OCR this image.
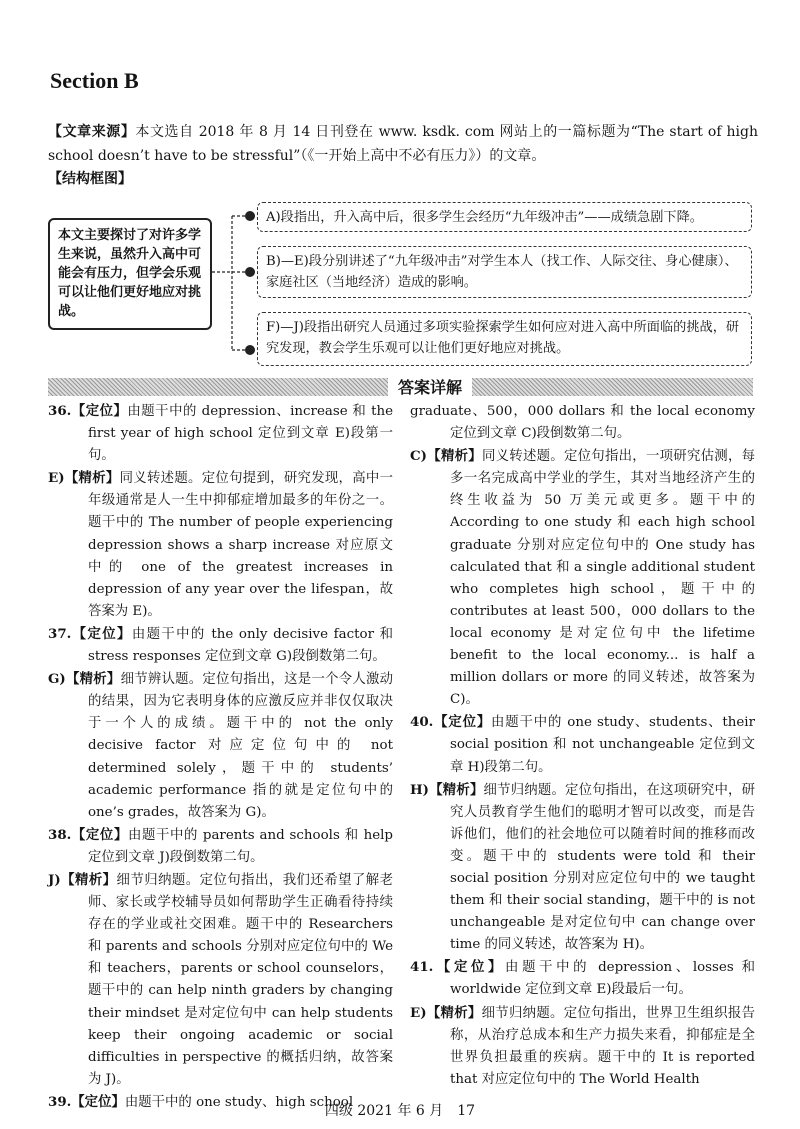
Section B
【文章来源】本文选自 2018 年 8 月 14 日刊登在 www. ksdk. com 网站上的一篇标题为“The start of high school doesn’t have to be stressful”（《一开始上高中不必有压力》）的文章。
【结构框图】
本文主要探讨了对许多学生来说，虽然升入高中可能会有压力，但学会乐观可以让他们更好地应对挑战。
A)段指出，升入高中后，很多学生会经历“九年级冲击”——成绩急剧下降。
B)—E)段分别讲述了“九年级冲击”对学生本人（找工作、人际交往、身心健康）、家庭社区（当地经济）造成的影响。
F)—J)段指出研究人员通过多项实验探索学生如何应对进入高中所面临的挑战，研究发现，教会学生乐观可以让他们更好地应对挑战。
答案详解

36.【定位】由题干中的 depression、increase 和 the first year of high school 定位到文章 E)段第一句。

E)【精析】同义转述题。定位句提到，研究发现，高中一年级通常是人一生中抑郁症增加最多的年份之一。题干中的 The number of people experiencing depression shows a sharp increase 对应原文中的 one of the greatest increases in depression of any year over the lifespan，故答案为 E)。

37.【定位】由题干中的 the only decisive factor 和 stress responses 定位到文章 G)段倒数第二句。

G)【精析】细节辨认题。定位句指出，这是一个令人激动的结果，因为它表明身体的应激反应并非仅仅取决于一个人的成绩。题干中的 not the only decisive factor 对应定位句中的 not determined solely，题干中的 students’ academic performance 指的就是定位句中的 one’s grades，故答案为 G)。

38.【定位】由题干中的 parents and schools 和 help 定位到文章 J)段倒数第二句。

J)【精析】细节归纳题。定位句指出，我们还希望了解老师、家长或学校辅导员如何帮助学生正确看待持续存在的学业或社交困难。题干中的 Researchers 和 parents and schools 分别对应定位句中的 We 和 teachers，parents or school counselors，题干中的 can help ninth graders by changing their mindset 是对定位句中 can help students keep their ongoing academic or social difficulties in perspective 的概括归纳，故答案为 J)。

39.【定位】由题干中的 one study、high school

graduate、500，000 dollars 和 the local economy 定位到文章 C)段倒数第二句。

C)【精析】同义转述题。定位句指出，一项研究估测，每多一名完成高中学业的学生，其对当地经济产生的终生收益为 50 万美元或更多。题干中的 According to one study 和 each high school graduate 分别对应定位句中的 One study has calculated that 和 a single additional student who completes high school，题干中的 contributes at least 500，000 dollars to the local economy 是对定位句中 the lifetime benefit to the local economy... is half a million dollars or more 的同义转述，故答案为 C)。

40.【定位】由题干中的 one study、students、their social position 和 not unchangeable 定位到文章 H)段第二句。

H)【精析】细节归纳题。定位句指出，在这项研究中，研究人员教育学生他们的聪明才智可以改变，而是告诉他们，他们的社会地位可以随着时间的推移而改变。题干中的 students were told 和 their social position 分别对应定位句中的 we taught them 和 their social standing，题干中的 is not unchangeable 是对定位句中 can change over time 的同义转述，故答案为 H)。

41.【定位】由题干中的 depression、losses 和 worldwide 定位到文章 E)段最后一句。

E)【精析】细节归纳题。定位句指出，世界卫生组织报告称，从治疗总成本和生产力损失来看，抑郁症是全世界负担最重的疾病。题干中的 It is reported that 对应定位句中的 The World Health

四级 2021 年 6 月　17
